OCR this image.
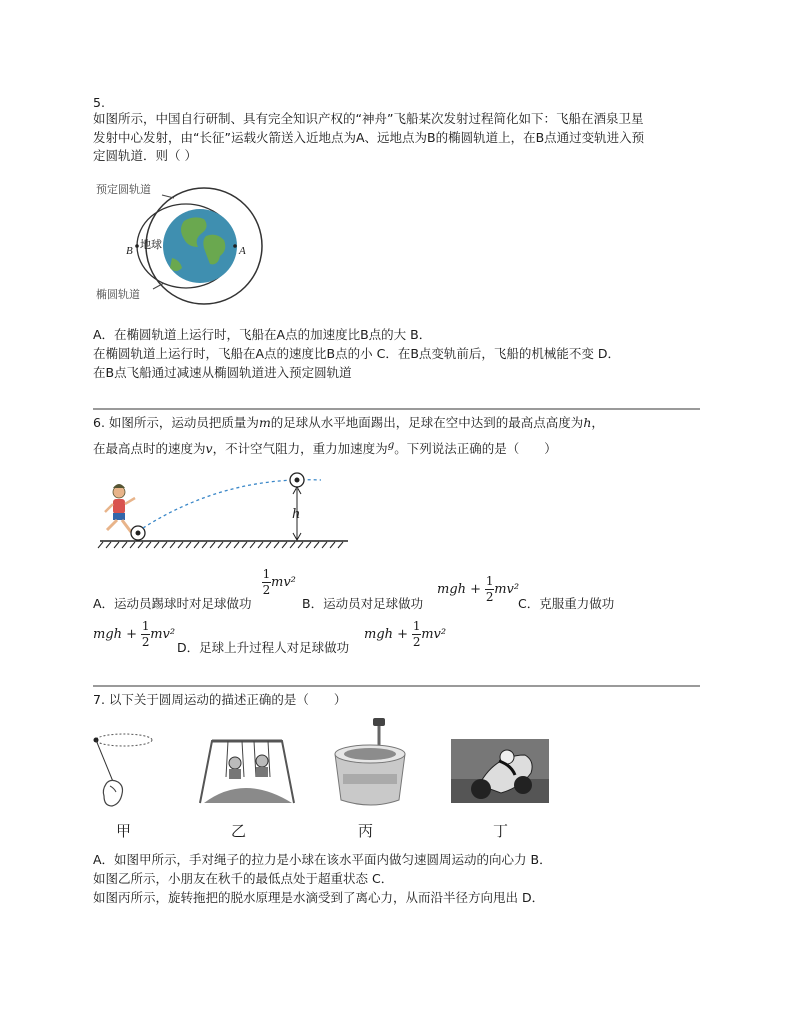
5.
如图所示，中国自行研制、具有完全知识产权的“神舟”飞船某次发射过程简化如下：飞船在酒泉卫星
发射中心发射，由“长征”运载火箭送入近地点为A、远地点为B的椭圆轨道上，在B点通过变轨进入预
定圆轨道．则（ ）
预定圆轨道
地球
椭圆轨道
B	A
A．在椭圆轨道上运行时，飞船在A点的加速度比B点的大 B．
在椭圆轨道上运行时，飞船在A点的速度比B点的小 C．在B点变轨前后，飞船的机械能不变 D．
在B点飞船通过减速从椭圆轨道进入预定圆轨道
6. 如图所示，运动员把质量为m的足球从水平地面踢出，足球在空中达到的最高点高度为h，
在最高点时的速度为v，不计空气阻力，重力加速度为$^g$。下列说法正确的是（　　）
h
A．运动员踢球时对足球做功
$\frac{1}{2} mv^2$
B．运动员对足球做功
mgh + $\frac{1}{2} mv^2$
C．克服重力做功
mgh + $\frac{1}{2} mv^2$
D．足球上升过程人对足球做功
mgh + $\frac{1}{2} mv^2$
7. 以下关于圆周运动的描述正确的是（　　）
甲	乙	丙	丁
A．如图甲所示，手对绳子的拉力是小球在该水平面内做匀速圆周运动的向心力 B．
如图乙所示，小朋友在秋千的最低点处于超重状态 C．
如图丙所示，旋转拖把的脱水原理是水滴受到了离心力，从而沿半径方向甩出 D．
